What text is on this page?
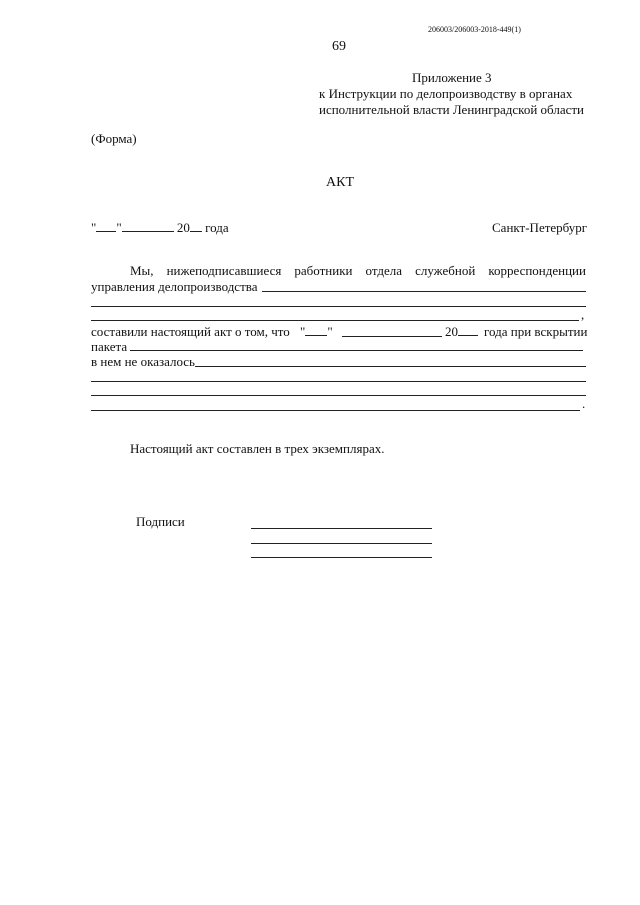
206003/206003-2018-449(1)
69
Приложение 3
к Инструкции по делопроизводству в органах
исполнительной власти Ленинградской области
(Форма)
АКТ
" "	20 года	Санкт-Петербург
Мы, нижеподписавшиеся работники отдела служебной корреспонденции
управления делопроизводства
,
составили настоящий акт о том, что " "	20	года при вскрытии
пакета
в нем не оказалось
.
Настоящий акт составлен в трех экземплярах.
Подписи
